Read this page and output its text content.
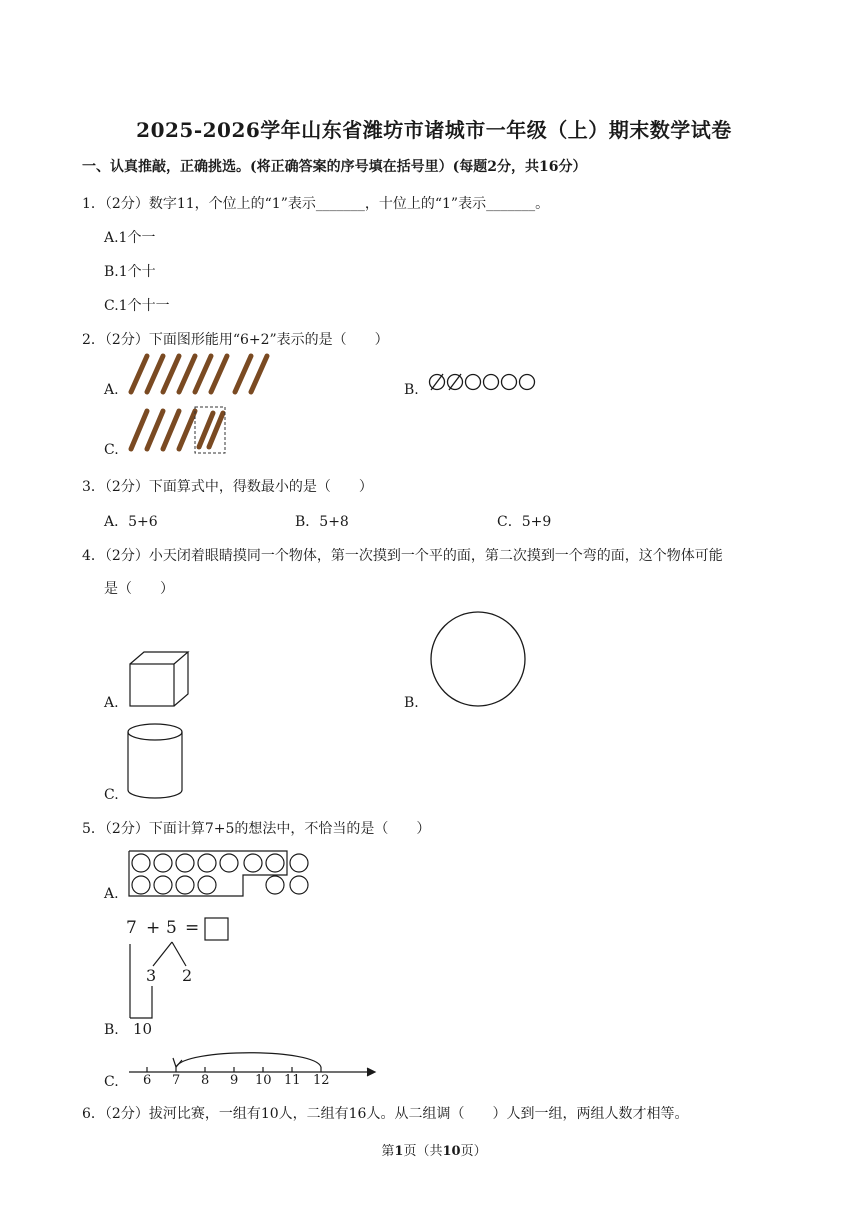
2025-2026学年山东省潍坊市诸城市一年级（上）期末数学试卷
一、认真推敲，正确挑选。(将正确答案的序号填在括号里）(每题2分，共16分）
1．（2分）数字11，个位上的“1”表示_______，十位上的“1”表示_______。
A.1个一
B.1个十
C.1个十一
2．（2分）下面图形能用“6+2”表示的是（　　）
A.	B.
C.
3．（2分）下面算式中，得数最小的是（　　）
A．5+6	B．5+8	C．5+9
4．（2分）小天闭着眼睛摸同一个物体，第一次摸到一个平的面，第二次摸到一个弯的面，这个物体可能
是（　　）
A.	B.
C.
5．（2分）下面计算7+5的想法中，不恰当的是（　　）
A.
B.
7 + 5 =
3 2
10
C. 6 7 8 9 10 11 12
6．（2分）拔河比赛，一组有10人，二组有16人。从二组调（　　）人到一组，两组人数才相等。
第1页（共10页）
